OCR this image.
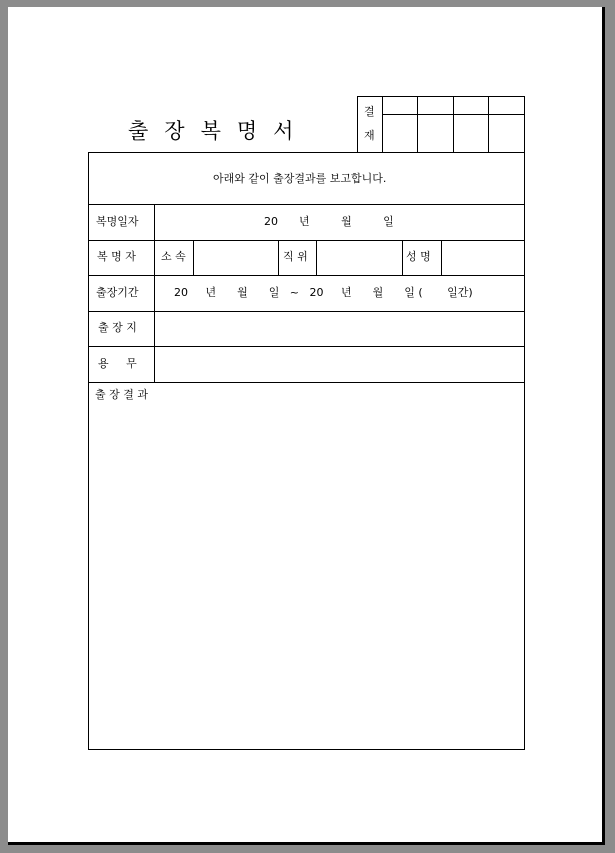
출장복명서
결
재
아래와 같이 출장결과를 보고합니다.
복명일자	20      년         월         일
복 명 자 소 속	직 위	성 명
출장기간	20     년      월      일   ~   20     년      월      일 (       일간)
출 장 지
용     무
출 장 결 과
